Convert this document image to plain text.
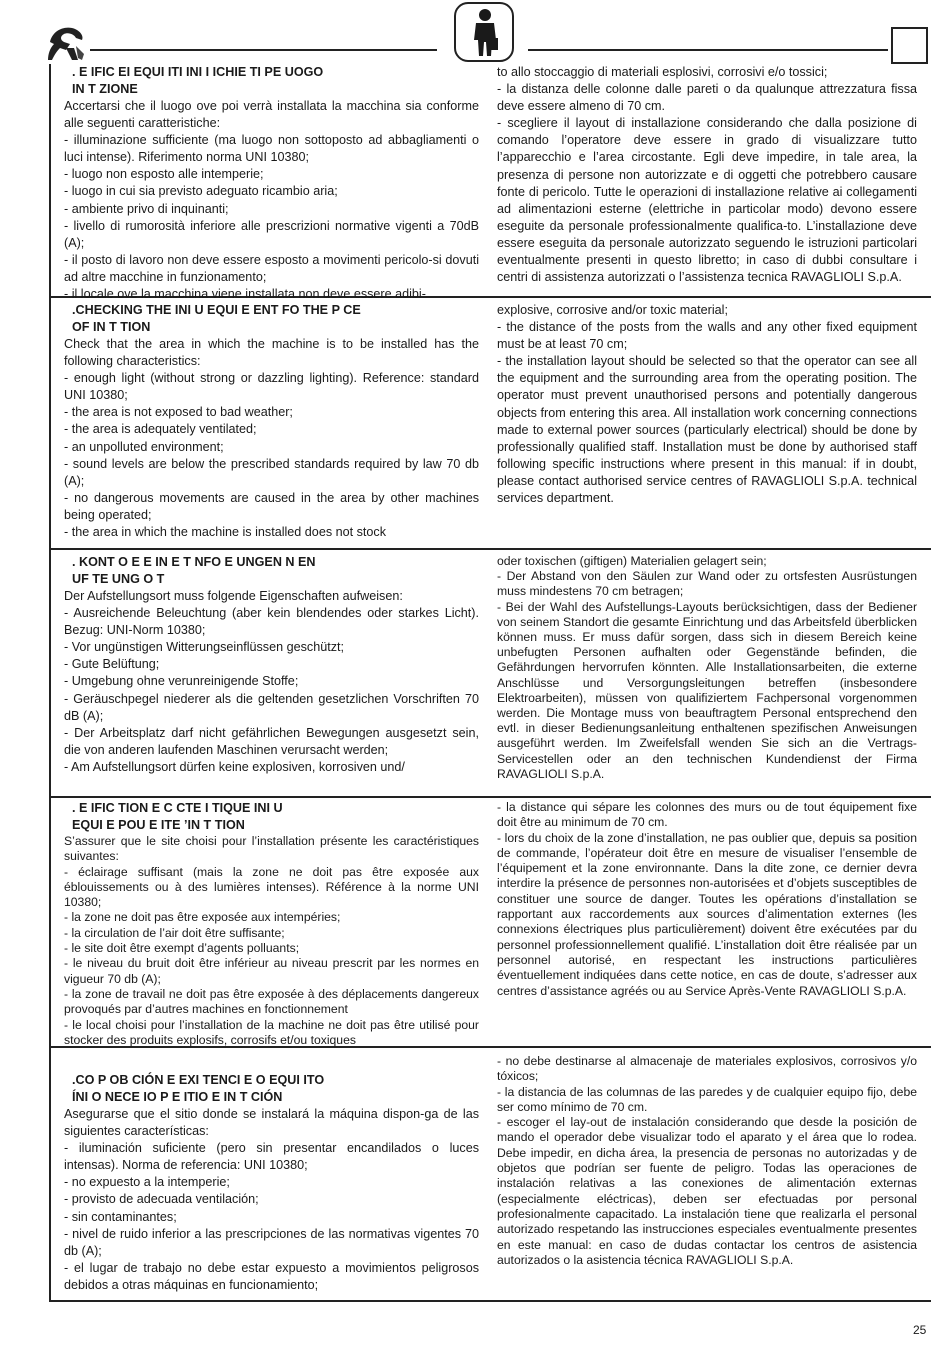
. E IFIC EI EQUI ITI INI I ICHIE TI PE UOGO
IN T ZIONE

Accertarsi che il luogo ove poi verrà installata la macchina sia conforme alle seguenti caratteristiche:

- illuminazione sufficiente (ma luogo non sottoposto ad abbagliamenti o luci intense). Riferimento norma UNI 10380;

- luogo non esposto alle intemperie;

- luogo in cui sia previsto adeguato ricambio aria;

- ambiente privo di inquinanti;

- livello di rumorosità inferiore alle prescrizioni normative vigenti a 70dB (A);

- il posto di lavoro non deve essere esposto a movimenti pericolo-si dovuti ad altre macchine in funzionamento;

- il locale ove la macchina viene installata non deve essere adibi-

to allo stoccaggio di materiali esplosivi, corrosivi e/o tossici;

- la distanza delle colonne dalle pareti o da qualunque attrezzatura fissa deve essere almeno di 70 cm.

- scegliere il layout di installazione considerando che dalla posizione di comando l’operatore deve essere in grado di visualizzare tutto l’apparecchio e l’area circostante. Egli deve impedire, in tale area, la presenza di persone non autorizzate e di oggetti che potrebbero causare fonte di pericolo. Tutte le operazioni di installazione relative ai collegamenti ad alimentazioni esterne (elettriche in particolar modo) devono essere eseguite da personale professionalmente qualifica-to. L’installazione deve essere eseguita da personale autorizzato seguendo le istruzioni particolari eventualmente presenti in questo libretto; in caso di dubbi consultare i centri di assistenza autorizzati o l’assistenza tecnica RAVAGLIOLI S.p.A.

.CHECKING THE INI U EQUI E ENT FO THE P CE
OF IN T TION

Check that the area in which the machine is to be installed has the following characteristics:

- enough light (without strong or dazzling lighting). Reference: standard UNI 10380;

- the area is not exposed to bad weather;

- the area is adequately ventilated;

- an unpolluted environment;

- sound levels are below the prescribed standards required by law 70 db (A);

- no dangerous movements are caused in the area by other machines being operated;

- the area in which the machine is installed does not stock

explosive, corrosive and/or toxic material;

- the distance of the posts from the walls and any other fixed equipment must be at least 70 cm;

- the installation layout should be selected so that the operator can see all the equipment and the surrounding area from the operating position. The operator must prevent unauthorised persons and potentially dangerous objects from entering this area. All installation work concerning connections made to external power sources (particularly electrical) should be done by professionally qualified staff. Installation must be done by authorised staff following specific instructions where present in this manual: if in doubt, please contact authorised service centres of RAVAGLIOLI S.p.A. technical services department.

. KONT O E E IN E T NFO E UNGEN N EN
UF TE UNG O T

Der Aufstellungsort muss folgende Eigenschaften aufweisen:

- Ausreichende Beleuchtung (aber kein blendendes oder starkes Licht). Bezug: UNI-Norm 10380;

- Vor ungünstigen Witterungseinflüssen geschützt;

- Gute Belüftung;

- Umgebung ohne verunreinigende Stoffe;

- Geräuschpegel niederer als die geltenden gesetzlichen Vorschriften 70 dB (A);

- Der Arbeitsplatz darf nicht gefährlichen Bewegungen ausgesetzt sein, die von anderen laufenden Maschinen verursacht werden;

- Am Aufstellungsort dürfen keine explosiven, korrosiven und/

oder toxischen (giftigen) Materialien gelagert sein;

- Der Abstand von den Säulen zur Wand oder zu ortsfesten Ausrüstungen muss mindestens 70 cm betragen;

- Bei der Wahl des Aufstellungs-Layouts berücksichtigen, dass der Bediener von seinem Standort die gesamte Einrichtung und das Arbeitsfeld überblicken können muss. Er muss dafür sorgen, dass sich in diesem Bereich keine unbefugten Personen aufhalten oder Gegenstände befinden, die Gefährdungen hervorrufen könnten. Alle Installationsarbeiten, die externe Anschlüsse und Versorgungsleitungen betreffen (insbesondere Elektroarbeiten), müssen von qualifiziertem Fachpersonal vorgenommen werden. Die Montage muss von beauftragtem Personal entsprechend den evtl. in dieser Bedienungsanleitung enthaltenen spezifischen Anweisungen ausgeführt werden. Im Zweifelsfall wenden Sie sich an die Vertrags-Servicestellen oder an den technischen Kundendienst der Firma RAVAGLIOLI S.p.A.

. E IFIC TION E C CTE I TIQUE INI U
EQUI E POU E ITE ’IN T TION

S’assurer que le site choisi pour l’installation présente les caractéristiques suivantes:

- éclairage suffisant (mais la zone ne doit pas être exposée aux éblouissements ou à des lumières intenses). Référence à la norme UNI 10380;

- la zone ne doit pas être exposée aux intempéries;

- la circulation de l’air doit être suffisante;

- le site doit être exempt d’agents polluants;

- le niveau du bruit doit être inférieur au niveau prescrit par les normes en vigueur 70 db (A);

- la zone de travail ne doit pas être exposée à des déplacements dangereux provoqués par d’autres machines en fonctionnement

- le local choisi pour l’installation de la machine ne doit pas être utilisé pour stocker des produits explosifs, corrosifs et/ou toxiques

- la distance qui sépare les colonnes des murs ou de tout équipement fixe doit être au minimum de 70 cm.

- lors du choix de la zone d’installation, ne pas oublier que, depuis sa position de commande, l’opérateur doit être en mesure de visualiser l’ensemble de l’équipement et la zone environnante. Dans la dite zone, ce dernier devra interdire la présence de personnes non-autorisées et d’objets susceptibles de constituer une source de danger. Toutes les opérations d’installation se rapportant aux raccordements aux sources d’alimentation externes (les connexions électriques plus particulièrement) doivent être exécutées par du personnel professionnellement qualifié. L’installation doit être réalisée par un personnel autorisé, en respectant les instructions particulières éventuellement indiquées dans cette notice, en cas de doute, s’adresser aux centres d’assistance agréés ou au Service Après-Vente RAVAGLIOLI S.p.A.

.CO P OB CIÓN E EXI TENCI E O EQUI ITO
ÍNI O NECE IO P E ITIO E IN T CIÓN

Asegurarse que el sitio donde se instalará la máquina dispon-ga de las siguientes características:

- iluminación suficiente (pero sin presentar encandilados o luces intensas). Norma de referencia: UNI 10380;

- no expuesto a la intemperie;

- provisto de adecuada ventilación;

- sin contaminantes;

- nivel de ruido inferior a las prescripciones de las normativas vigentes 70 db (A);

- el lugar de trabajo no debe estar expuesto a movimientos peligrosos debidos a otras máquinas en funcionamiento;

- no debe destinarse al almacenaje de materiales explosivos, corrosivos y/o tóxicos;

- la distancia de las columnas de las paredes y de cualquier equipo fijo, debe ser como mínimo de 70 cm.

- escoger el lay-out de instalación considerando que desde la posición de mando el operador debe visualizar todo el aparato y el área que lo rodea. Debe impedir, en dicha área, la presencia de personas no autorizadas y de objetos que podrían ser fuente de peligro. Todas las operaciones de instalación relativas a las conexiones de alimentación externas (especialmente eléctricas), deben ser efectuadas por personal profesionalmente capacitado. La instalación tiene que realizarla el personal autorizado respetando las instrucciones especiales eventualmente presentes en este manual: en caso de dudas contactar los centros de asistencia autorizados o la asistencia técnica RAVAGLIOLI S.p.A.

25
